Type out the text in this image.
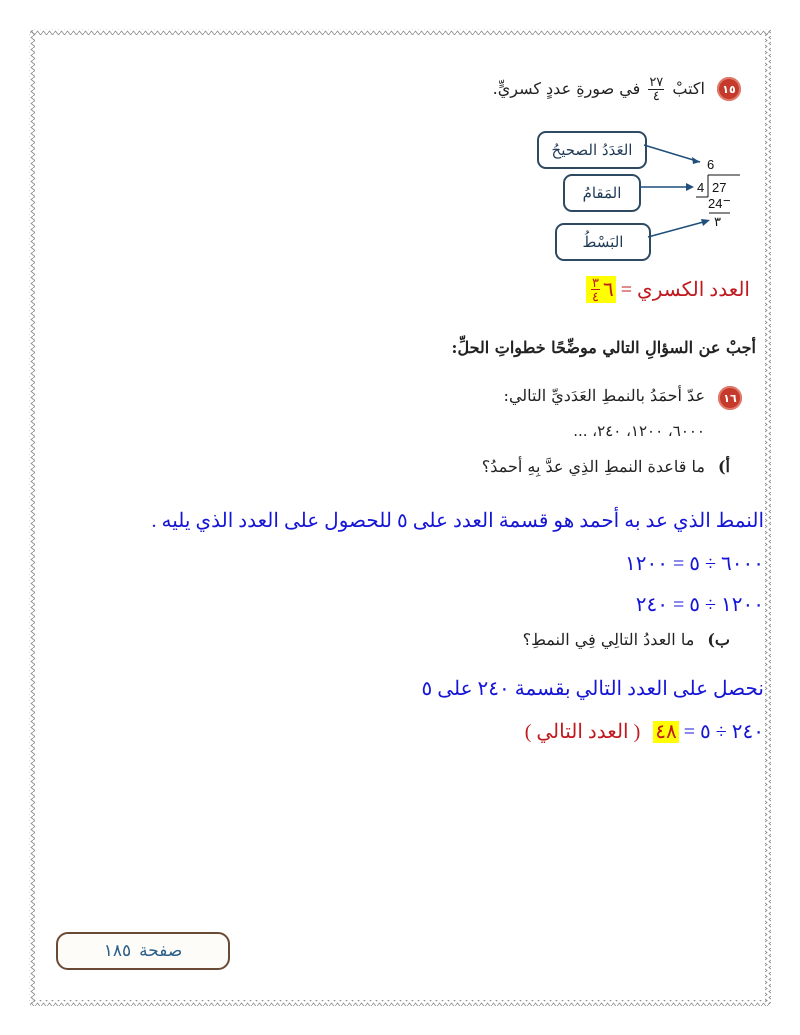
١٥
اكتبْ
$\frac{٢٧}{٤}$
في صورةِ عددٍ كسريٍّ.
العَدَدُ الصحيحُ
المَقامُ
البَسْطُ
6
4 27
24 −
٣
العدد الكسري =
٦
$\frac{٣}{٤}$
أجبْ عن السؤالِ التالي موضِّحًا خطواتِ الحلِّ:
١٦
عدّ أحمَدُ بالنمطِ العَدَديِّ التالي:
٦٠٠٠، ١٢٠٠، ٢٤٠، ...
أ) ما قاعدة النمطِ الذِي عدَّ بِهِ أحمدُ؟
النمط الذي عد به أحمد هو قسمة العدد على ٥ للحصول على العدد الذي يليه .
٦٠٠٠ ÷ ٥ = ١٢٠٠
١٢٠٠ ÷ ٥ = ٢٤٠
ب) ما العددُ التالِي فِي النمطِ؟
نحصل على العدد التالي بقسمة ٢٤٠ على ٥
٢٤٠ ÷ ٥ = ٤٨ ( العدد التالي )
صفحة
١٨٥
